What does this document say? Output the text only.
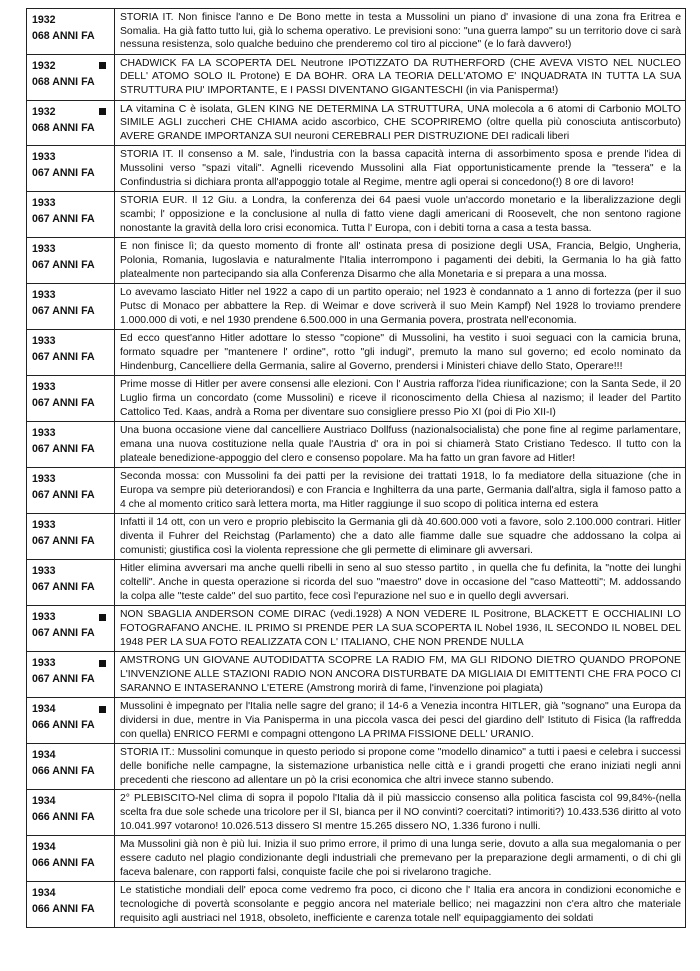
1932
068 ANNI FA	STORIA IT. Non finisce l'anno e De Bono mette in testa a Mussolini un piano d' invasione di una zona fra Eritrea e Somalia. Ha già fatto tutto lui, già lo schema operativo. Le previsioni sono: "una guerra lampo" su un territorio dove ci sarà nessuna resistenza, solo qualche beduino che prenderemo col tiro al piccione" (e lo farà davvero!)

1932
068 ANNI FA	CHADWICK FA LA SCOPERTA DEL Neutrone IPOTIZZATO DA RUTHERFORD (CHE AVEVA VISTO NEL NUCLEO DELL' ATOMO SOLO IL Protone) E DA BOHR. ORA LA TEORIA DELL'ATOMO E' INQUADRATA IN TUTTA LA SUA STRUTTURA PIU' IMPORTANTE, E I PASSI DIVENTANO GIGANTESCHI (in via Panisperma!)

1932
068 ANNI FA	LA vitamina C è isolata, GLEN KING NE DETERMINA LA STRUTTURA, UNA molecola a 6 atomi di Carbonio MOLTO SIMILE AGLI zuccheri CHE CHIAMA acido ascorbico, CHE SCOPRIREMO (oltre quella più conosciuta antiscorbuto) AVERE GRANDE IMPORTANZA SUI neuroni CEREBRALI PER DISTRUZIONE DEI radicali liberi

1933
067 ANNI FA	STORIA IT. Il consenso a M. sale, l'industria con la bassa capacità interna di assorbimento sposa e prende l'idea di Mussolini verso "spazi vitali". Agnelli ricevendo Mussolini alla Fiat opportunisticamente prende la "tessera" e la Confindustria si dichiara pronta all'appoggio totale al Regime, mentre agli operai si concedono(!) 8 ore di lavoro!

1933
067 ANNI FA	STORIA EUR. Il 12 Giu. a Londra, la conferenza dei 64 paesi vuole un'accordo monetario e la liberalizzazione degli scambi; l' opposizione e la conclusione al nulla di fatto viene dagli americani di Roosevelt, che non sentono ragione nonostante la gravità della loro crisi economica. Tutta l' Europa, con i debiti torna a casa a testa bassa.

1933
067 ANNI FA	E non finisce lì; da questo momento di fronte all' ostinata presa di posizione degli USA, Francia, Belgio, Ungheria, Polonia, Romania, Iugoslavia e naturalmente l'Italia interrompono i pagamenti dei debiti, la Germania lo ha già fatto platealmente non partecipando sia alla Conferenza Disarmo che alla Monetaria e si prepara a una mossa.

1933
067 ANNI FA	Lo avevamo lasciato Hitler nel 1922 a capo di un partito operaio; nel 1923 è condannato a 1 anno di fortezza (per il suo Putsc di Monaco per abbattere la Rep. di Weimar e dove scriverà il suo Mein Kampf) Nel 1928 lo troviamo prendere 1.000.000 di voti, e nel 1930 prendene 6.500.000 in una Germania povera, prostrata nell'economia.

1933
067 ANNI FA	Ed ecco quest'anno Hitler adottare lo stesso "copione" di Mussolini, ha vestito i suoi seguaci con la camicia bruna, formato squadre per "mantenere l' ordine", rotto "gli indugi", premuto la mano sul governo; ed ecolo nominato da Hindenburg, Cancelliere della Germania, salire al Governo, prendersi i Ministeri chiave dello Stato, Operare!!!

1933
067 ANNI FA	Prime mosse di Hitler per avere consensi alle elezioni. Con l' Austria rafforza l'idea riunificazione; con la Santa Sede, il 20 Luglio firma un concordato (come Mussolini) e riceve il riconoscimento della Chiesa al nazismo; il leader del Partito Cattolico Ted. Kaas, andrà a Roma per diventare suo consigliere presso Pio XI (poi di Pio XII-I)

1933
067 ANNI FA	Una buona occasione viene dal cancelliere Austriaco Dollfuss (nazionalsocialista) che pone fine al regime parlamentare, emana una nuova costituzione nella quale l'Austria d' ora in poi si chiamerà Stato Cristiano Tedesco. Il tutto con la plateale benedizione-appoggio del clero e consenso popolare. Ma ha fatto un gran favore ad Hitler!

1933
067 ANNI FA	Seconda mossa: con Mussolini fa dei patti per la revisione dei trattati 1918, lo fa mediatore della situazione (che in Europa va sempre più deteriorandosi) e con Francia e Inghilterra da una parte, Germania dall'altra, sigla il famoso patto a 4 che al momento critico sarà lettera morta, ma Hitler raggiunge il suo scopo di politica interna ed estera

1933
067 ANNI FA	Infatti il 14 ott, con un vero e proprio plebiscito la Germania gli dà 40.600.000 voti a favore, solo 2.100.000 contrari. Hitler diventa il Fuhrer del Reichstag (Parlamento) che a dato alle fiamme dalle sue squadre che addossano la colpa ai comunisti; giustifica così la violenta repressione che gli permette di eliminare gli avversari.

1933
067 ANNI FA	Hitler elimina avversari ma anche quelli ribelli in seno al suo stesso partito , in quella che fu definita, la "notte dei lunghi coltelli". Anche in questa operazione si ricorda del suo "maestro" dove in occasione del "caso Matteotti"; M. addossando la colpa alle "teste calde" del suo partito, fece così l'epurazione nel suo e in quello degli avversari.

1933
067 ANNI FA	NON SBAGLIA ANDERSON COME DIRAC (vedi.1928) A NON VEDERE IL Positrone, BLACKETT E OCCHIALINI LO FOTOGRAFANO ANCHE. IL PRIMO SI PRENDE PER LA SUA SCOPERTA IL Nobel 1936, IL SECONDO IL NOBEL DEL 1948 PER LA SUA FOTO REALIZZATA CON L' ITALIANO, CHE NON PRENDE NULLA

1933
067 ANNI FA	AMSTRONG UN GIOVANE AUTODIDATTA SCOPRE LA RADIO FM, MA GLI RIDONO DIETRO QUANDO PROPONE L'INVENZIONE ALLE STAZIONI RADIO NON ANCORA DISTURBATE DA MIGLIAIA DI EMITTENTI CHE FRA POCO CI SARANNO E INTASERANNO L'ETERE (Amstrong morirà di fame, l'invenzione poi plagiata)

1934
066 ANNI FA	Mussolini è impegnato per l'Italia nelle sagre del grano; il 14-6 a Venezia incontra HITLER, già "sognano" una Europa da dividersi in due, mentre in Via Panisperma in una piccola vasca dei pesci del giardino dell' Istituto di Fisica (la raffredda con quella) ENRICO FERMI e compagni ottengono LA PRIMA FISSIONE DELL' URANIO.

1934
066 ANNI FA	STORIA IT.: Mussolini comunque in questo periodo si propone come "modello dinamico" a tutti i paesi e celebra i successi delle bonifiche nelle campagne, la sistemazione urbanistica nelle città e i grandi progetti che erano iniziati negli anni precedenti che riescono ad allentare un pò la crisi economica che altri invece stanno subendo.

1934
066 ANNI FA	2° PLEBISCITO-Nel clima di sopra il popolo l'Italia dà il più massiccio consenso alla politica fascista col 99,84%-(nella scelta fra due sole schede una tricolore per il SI, bianca per il NO convinti? coercitati? intimoriti?) 10.433.536 diritto al voto 10.041.997 votarono! 10.026.513 dissero SI mentre 15.265 dissero NO, 1.336 furono i nulli.

1934
066 ANNI FA	Ma Mussolini già non è più lui. Inizia il suo primo errore, il primo di una lunga serie, dovuto a alla sua megalomania o per essere caduto nel plagio condizionante degli industriali che premevano per la preparazione degli armamenti, o di chi gli faceva balenare, con rapporti falsi, conquiste facile che poi si rivelarono tragiche.

1934
066 ANNI FA	Le statistiche mondiali dell' epoca come vedremo fra poco, ci dicono che l' Italia era ancora in condizioni economiche e tecnologiche di povertà sconsolante e peggio ancora nel materiale bellico; nei magazzini non c'era altro che materiale requisito agli austriaci nel 1918, obsoleto, inefficiente e carenza totale nell' equipaggiamento dei soldati
